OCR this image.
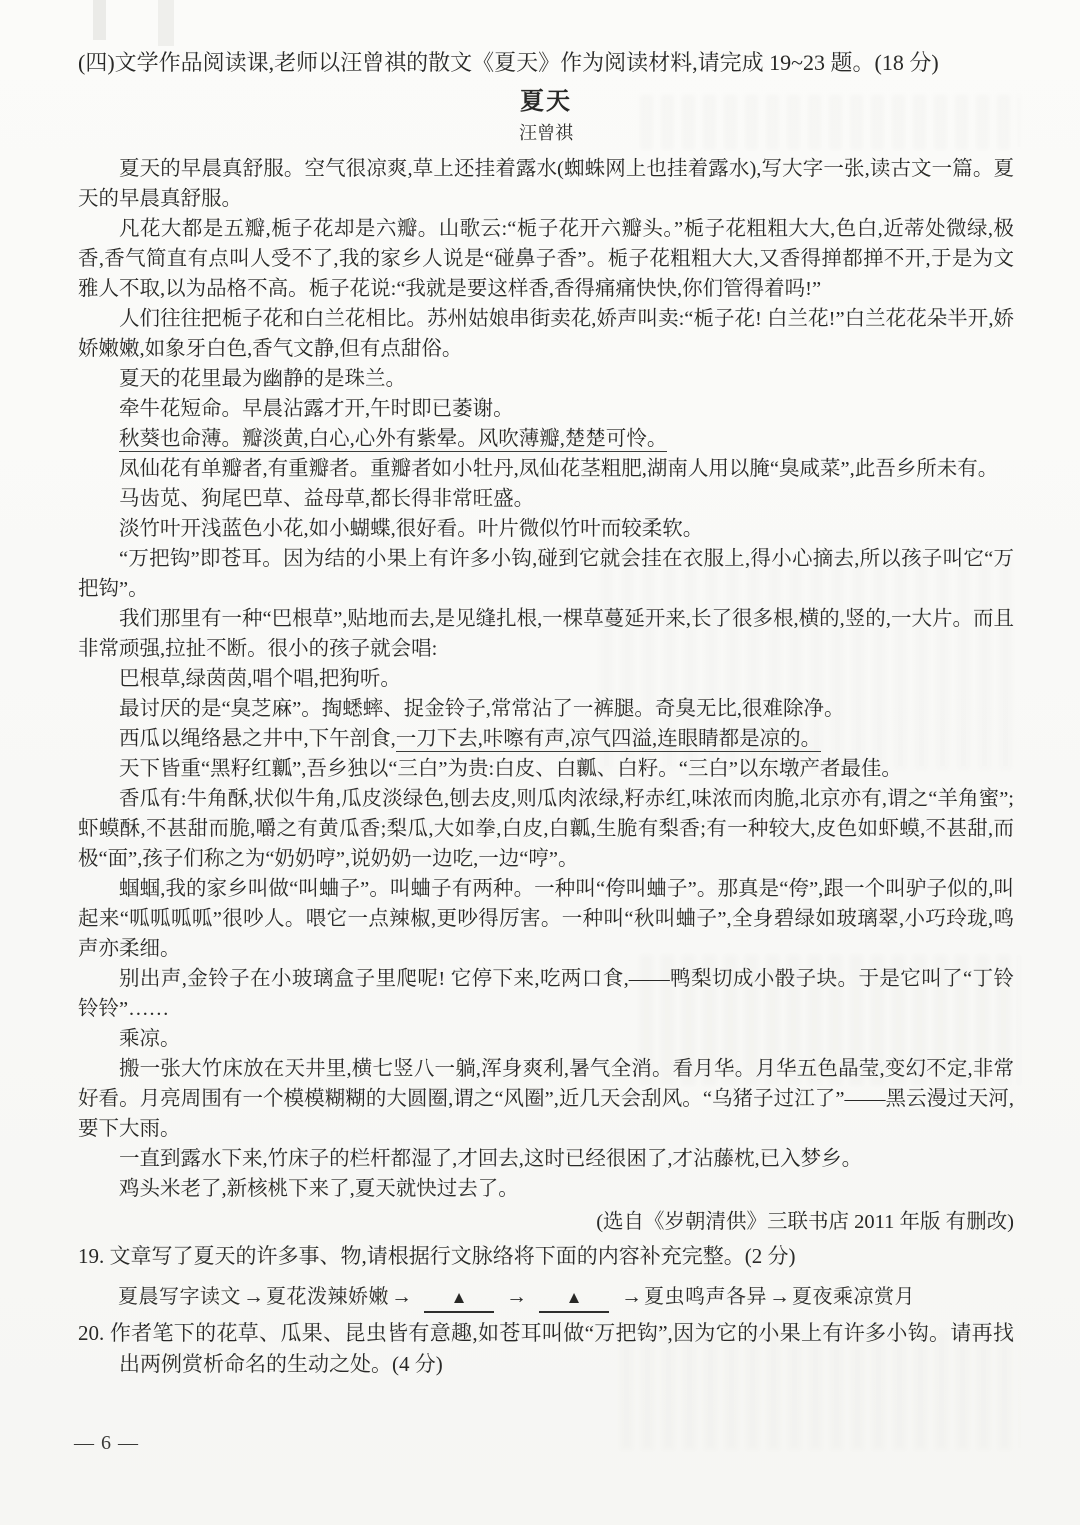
(四)文学作品阅读课,老师以汪曾祺的散文《夏天》作为阅读材料,请完成 19~23 题。(18 分)
夏天
汪曾祺

夏天的早晨真舒服。空气很凉爽,草上还挂着露水(蜘蛛网上也挂着露水),写大字一张,读古文一篇。夏天的早晨真舒服。

凡花大都是五瓣,栀子花却是六瓣。山歌云:“栀子花开六瓣头。”栀子花粗粗大大,色白,近蒂处微绿,极香,香气简直有点叫人受不了,我的家乡人说是“碰鼻子香”。栀子花粗粗大大,又香得掸都掸不开,于是为文雅人不取,以为品格不高。栀子花说:“我就是要这样香,香得痛痛快快,你们管得着吗!”

人们往往把栀子花和白兰花相比。苏州姑娘串街卖花,娇声叫卖:“栀子花! 白兰花!”白兰花花朵半开,娇娇嫩嫩,如象牙白色,香气文静,但有点甜俗。

夏天的花里最为幽静的是珠兰。

牵牛花短命。早晨沾露才开,午时即已萎谢。

秋葵也命薄。瓣淡黄,白心,心外有紫晕。风吹薄瓣,楚楚可怜。

凤仙花有单瓣者,有重瓣者。重瓣者如小牡丹,凤仙花茎粗肥,湖南人用以腌“臭咸菜”,此吾乡所未有。

马齿苋、狗尾巴草、益母草,都长得非常旺盛。

淡竹叶开浅蓝色小花,如小蝴蝶,很好看。叶片微似竹叶而较柔软。

“万把钩”即苍耳。因为结的小果上有许多小钩,碰到它就会挂在衣服上,得小心摘去,所以孩子叫它“万把钩”。

我们那里有一种“巴根草”,贴地而去,是见缝扎根,一棵草蔓延开来,长了很多根,横的,竖的,一大片。而且非常顽强,拉扯不断。很小的孩子就会唱:

巴根草,绿茵茵,唱个唱,把狗听。

最讨厌的是“臭芝麻”。掏蟋蟀、捉金铃子,常常沾了一裤腿。奇臭无比,很难除净。

西瓜以绳络悬之井中,下午剖食,一刀下去,咔嚓有声,凉气四溢,连眼睛都是凉的。

天下皆重“黑籽红瓤”,吾乡独以“三白”为贵:白皮、白瓤、白籽。“三白”以东墩产者最佳。

香瓜有:牛角酥,状似牛角,瓜皮淡绿色,刨去皮,则瓜肉浓绿,籽赤红,味浓而肉脆,北京亦有,谓之“羊角蜜”;虾蟆酥,不甚甜而脆,嚼之有黄瓜香;梨瓜,大如拳,白皮,白瓤,生脆有梨香;有一种较大,皮色如虾蟆,不甚甜,而极“面”,孩子们称之为“奶奶哼”,说奶奶一边吃,一边“哼”。

蝈蝈,我的家乡叫做“叫蛐子”。叫蛐子有两种。一种叫“侉叫蛐子”。那真是“侉”,跟一个叫驴子似的,叫起来“呱呱呱呱”很吵人。喂它一点辣椒,更吵得厉害。一种叫“秋叫蛐子”,全身碧绿如玻璃翠,小巧玲珑,鸣声亦柔细。

别出声,金铃子在小玻璃盒子里爬呢! 它停下来,吃两口食,——鸭梨切成小骰子块。于是它叫了“丁铃铃铃”……

乘凉。

搬一张大竹床放在天井里,横七竖八一躺,浑身爽利,暑气全消。看月华。月华五色晶莹,变幻不定,非常好看。月亮周围有一个模模糊糊的大圆圈,谓之“风圈”,近几天会刮风。“乌猪子过江了”——黑云漫过天河,要下大雨。

一直到露水下来,竹床子的栏杆都湿了,才回去,这时已经很困了,才沾藤枕,已入梦乡。

鸡头米老了,新核桃下来了,夏天就快过去了。

(选自《岁朝清供》三联书店 2011 年版 有删改)
19. 文章写了夏天的许多事、物,请根据行文脉络将下面的内容补充完整。(2 分)
夏晨写字读文→ 夏花泼辣娇嫩→ ▲ → ▲ → 夏虫鸣声各异→ 夏夜乘凉赏月
20. 作者笔下的花草、瓜果、昆虫皆有意趣,如苍耳叫做“万把钩”,因为它的小果上有许多小钩。请再找出两例赏析命名的生动之处。(4 分)
— 6 —
